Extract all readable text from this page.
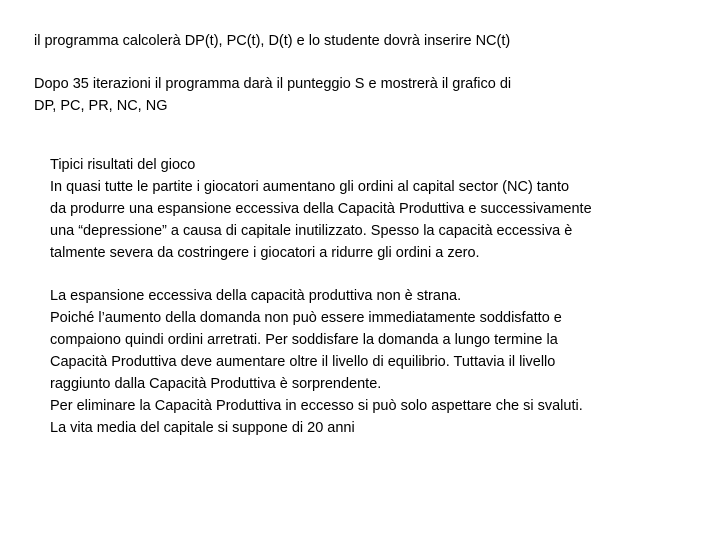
il programma calcolerà DP(t), PC(t), D(t) e lo studente dovrà inserire NC(t)

Dopo 35 iterazioni il programma darà il punteggio S e mostrerà il grafico di
DP, PC, PR, NC, NG

Tipici risultati del gioco
In quasi tutte le partite i giocatori aumentano gli ordini al capital sector (NC) tanto
da produrre una espansione eccessiva della Capacità Produttiva e successivamente
una “depressione” a causa di capitale inutilizzato. Spesso la capacità eccessiva è
talmente severa da costringere i giocatori a ridurre gli ordini a zero.

La espansione eccessiva della capacità produttiva non è strana.
Poiché l’aumento della domanda non può essere immediatamente soddisfatto e
compaiono quindi ordini arretrati. Per soddisfare la domanda a lungo termine la
Capacità Produttiva deve aumentare oltre il livello di equilibrio. Tuttavia il livello
raggiunto dalla Capacità Produttiva è sorprendente.
Per eliminare la Capacità Produttiva in eccesso si può solo aspettare che si svaluti.
La vita media del capitale si suppone di 20 anni
